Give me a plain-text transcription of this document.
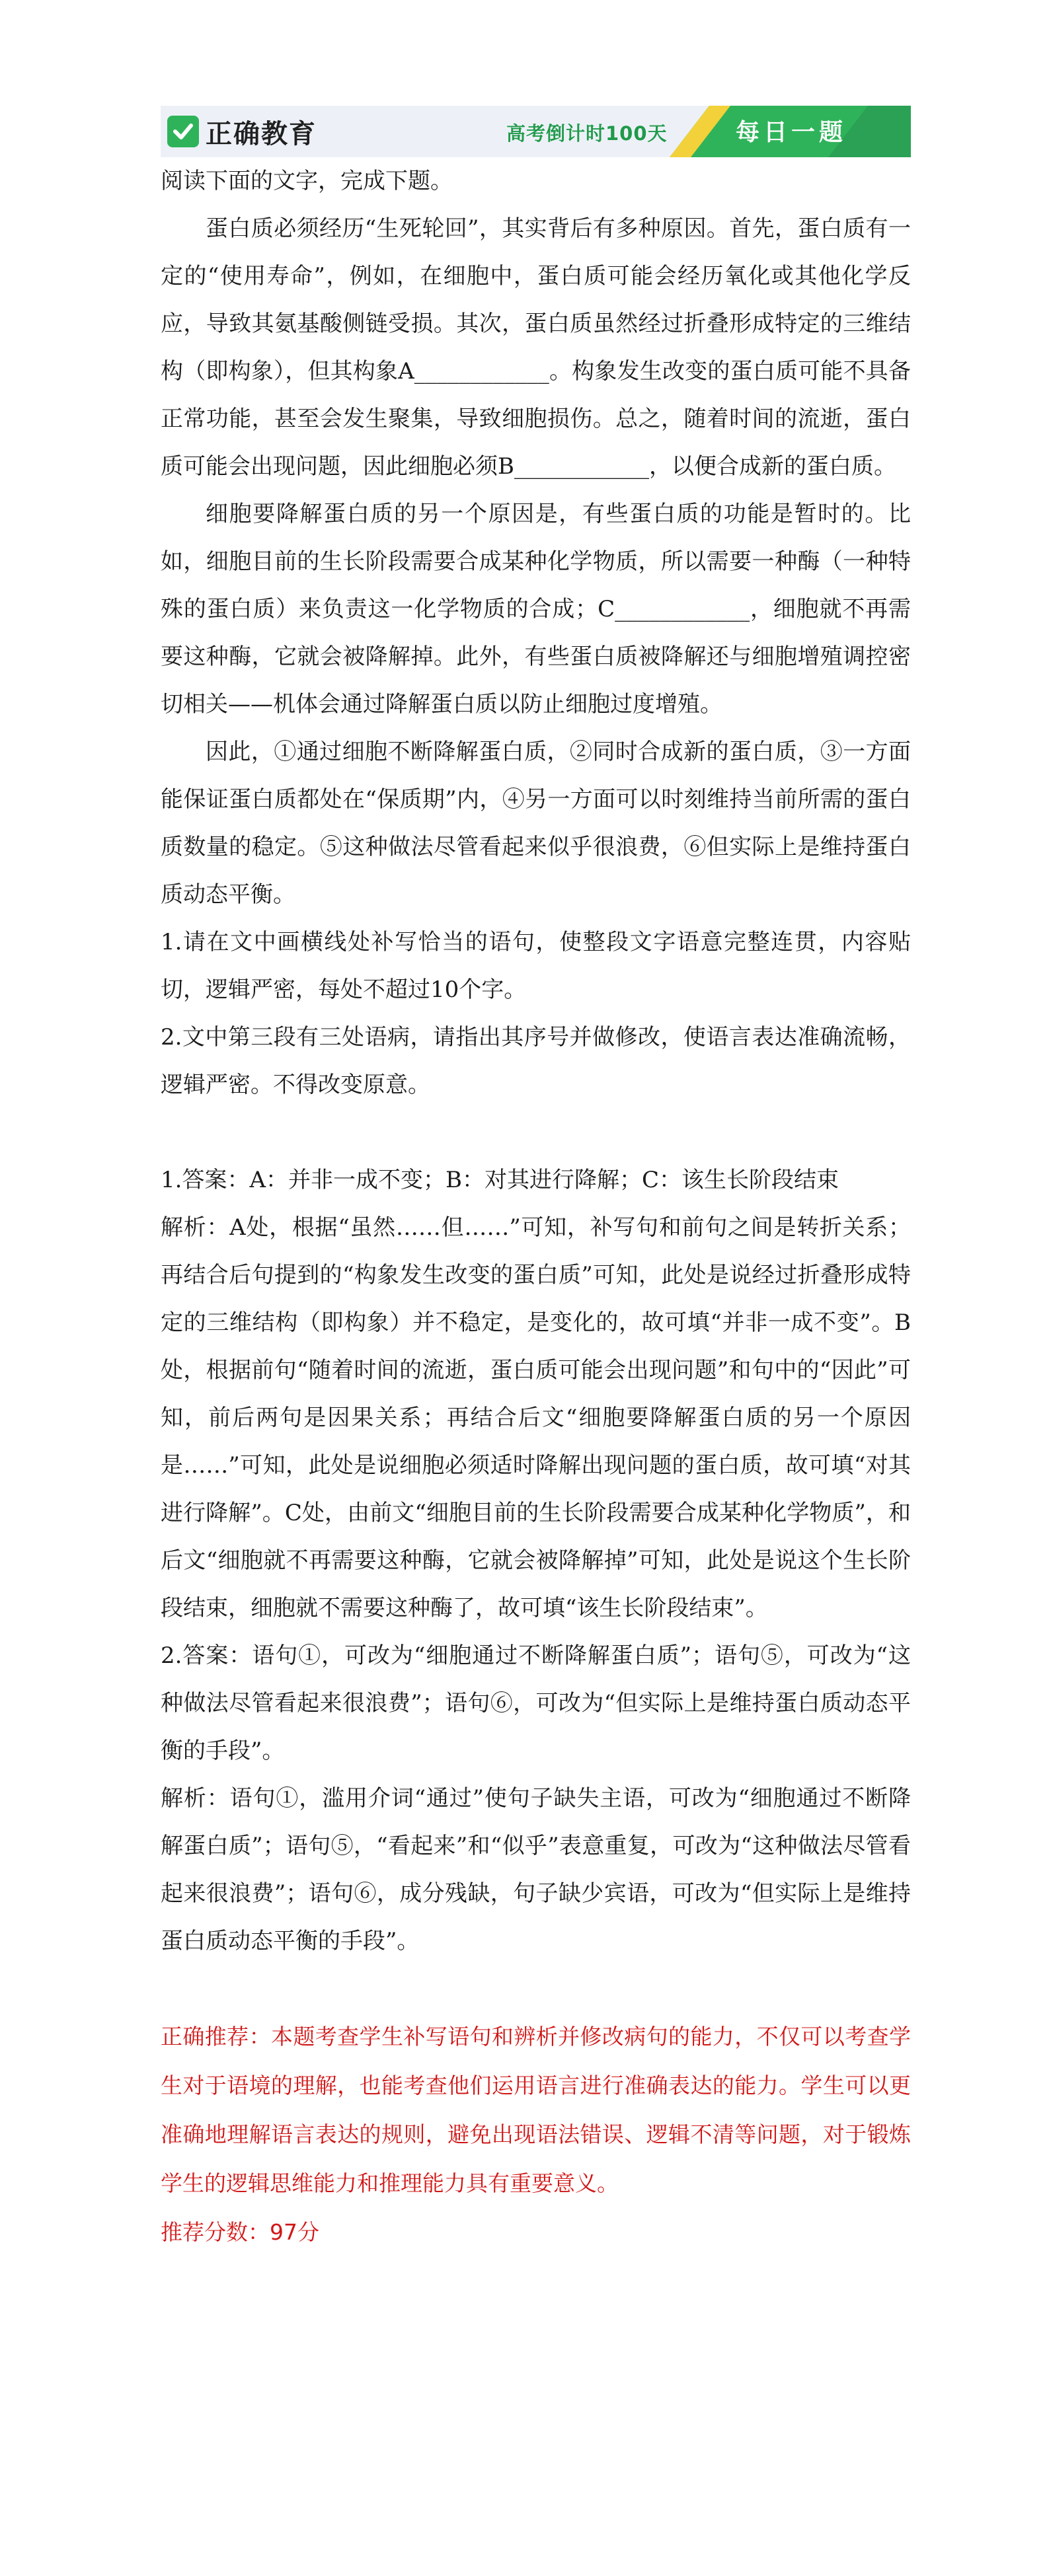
正确教育	高考倒计时100天	每日一题

阅读下面的文字，完成下题。

蛋白质必须经历“生死轮回”，其实背后有多种原因。首先，蛋白质有一定的“使用寿命”，例如，在细胞中，蛋白质可能会经历氧化或其他化学反应，导致其氨基酸侧链受损。其次，蛋白质虽然经过折叠形成特定的三维结构（即构象），但其构象A____________。构象发生改变的蛋白质可能不具备正常功能，甚至会发生聚集，导致细胞损伤。总之，随着时间的流逝，蛋白质可能会出现问题，因此细胞必须B____________，以便合成新的蛋白质。

细胞要降解蛋白质的另一个原因是，有些蛋白质的功能是暂时的。比如，细胞目前的生长阶段需要合成某种化学物质，所以需要一种酶（一种特殊的蛋白质）来负责这一化学物质的合成；C____________，细胞就不再需要这种酶，它就会被降解掉。此外，有些蛋白质被降解还与细胞增殖调控密切相关——机体会通过降解蛋白质以防止细胞过度增殖。

因此，①通过细胞不断降解蛋白质，②同时合成新的蛋白质，③一方面能保证蛋白质都处在“保质期”内，④另一方面可以时刻维持当前所需的蛋白质数量的稳定。⑤这种做法尽管看起来似乎很浪费，⑥但实际上是维持蛋白质动态平衡。

1.请在文中画横线处补写恰当的语句，使整段文字语意完整连贯，内容贴切，逻辑严密，每处不超过10个字。

2.文中第三段有三处语病，请指出其序号并做修改，使语言表达准确流畅，逻辑严密。不得改变原意。

1.答案：A：并非一成不变；B：对其进行降解；C：该生长阶段结束

解析：A处，根据“虽然……但……”可知，补写句和前句之间是转折关系；再结合后句提到的“构象发生改变的蛋白质”可知，此处是说经过折叠形成特定的三维结构（即构象）并不稳定，是变化的，故可填“并非一成不变”。B处，根据前句“随着时间的流逝，蛋白质可能会出现问题”和句中的“因此”可知，前后两句是因果关系；再结合后文“细胞要降解蛋白质的另一个原因是……”可知，此处是说细胞必须适时降解出现问题的蛋白质，故可填“对其进行降解”。C处，由前文“细胞目前的生长阶段需要合成某种化学物质”，和后文“细胞就不再需要这种酶，它就会被降解掉”可知，此处是说这个生长阶段结束，细胞就不需要这种酶了，故可填“该生长阶段结束”。

2.答案：语句①，可改为“细胞通过不断降解蛋白质”；语句⑤，可改为“这种做法尽管看起来很浪费”；语句⑥，可改为“但实际上是维持蛋白质动态平衡的手段”。

解析：语句①，滥用介词“通过”使句子缺失主语，可改为“细胞通过不断降解蛋白质”；语句⑤，“看起来”和“似乎”表意重复，可改为“这种做法尽管看起来很浪费”；语句⑥，成分残缺，句子缺少宾语，可改为“但实际上是维持蛋白质动态平衡的手段”。

正确推荐：本题考查学生补写语句和辨析并修改病句的能力，不仅可以考查学生对于语境的理解，也能考查他们运用语言进行准确表达的能力。学生可以更准确地理解语言表达的规则，避免出现语法错误、逻辑不清等问题，对于锻炼学生的逻辑思维能力和推理能力具有重要意义。

推荐分数：97分
